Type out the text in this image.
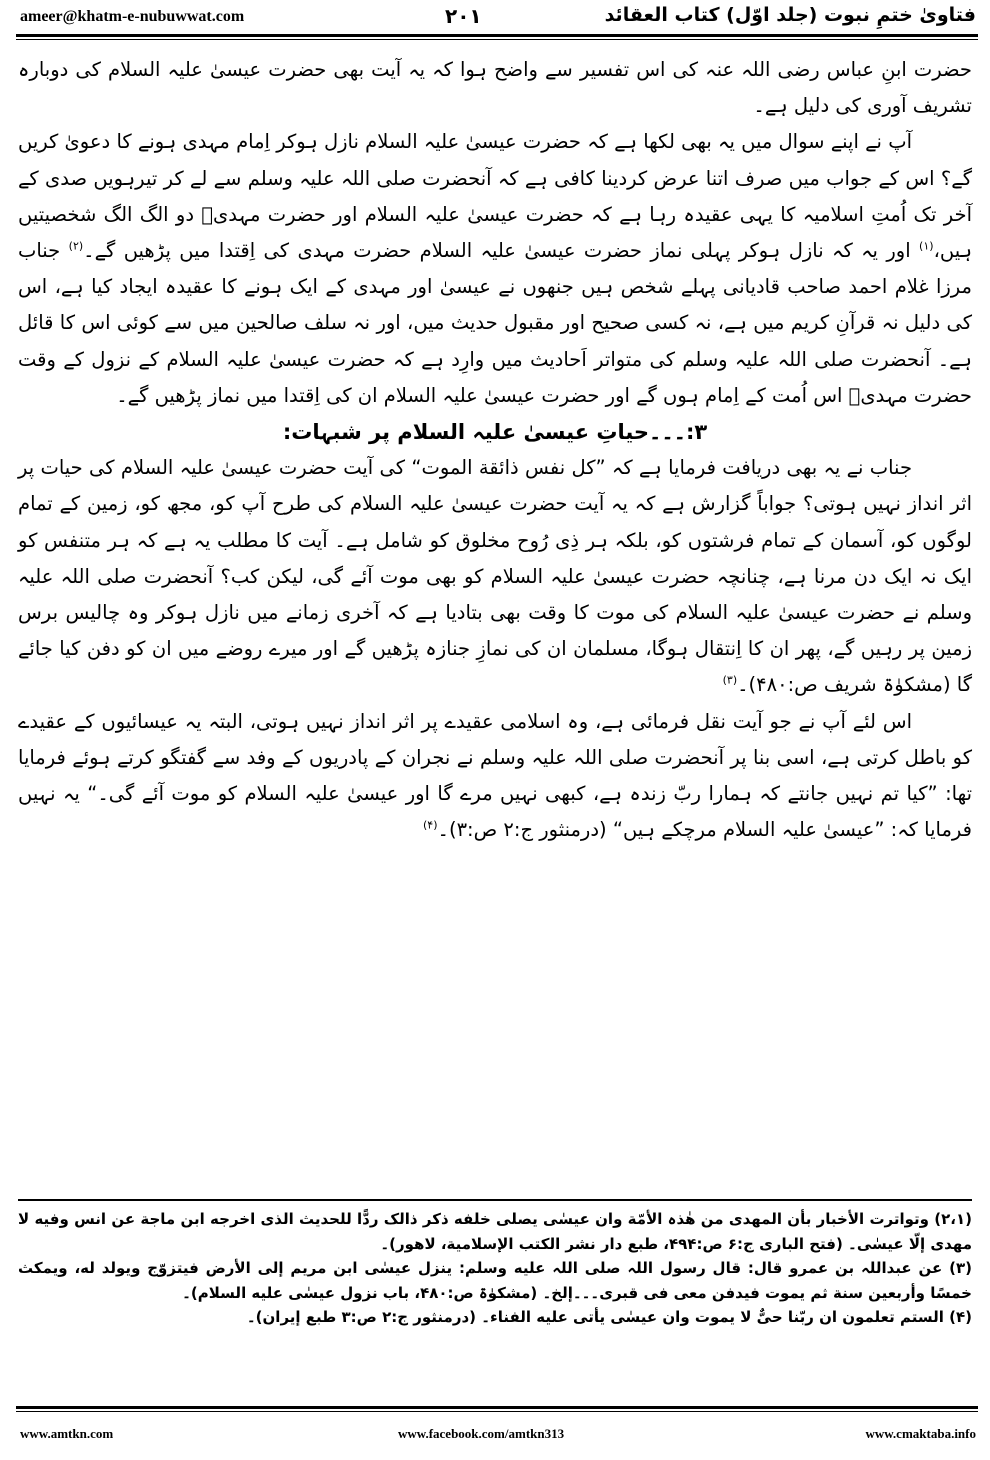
ameer@khatm-e-nubuwwat.com	۲۰۱	فتاویٰ ختمِ نبوت (جلد اوّل) کتاب العقائد

حضرت ابنِ عباس رضی اللہ عنہ کی اس تفسیر سے واضح ہوا کہ یہ آیت بھی حضرت عیسیٰ علیہ السلام کی دوبارہ تشریف آوری کی دلیل ہے۔

آپ نے اپنے سوال میں یہ بھی لکھا ہے کہ حضرت عیسیٰ علیہ السلام نازل ہوکر اِمام مہدی ہونے کا دعویٰ کریں گے؟ اس کے جواب میں صرف اتنا عرض کردینا کافی ہے کہ آنحضرت صلی اللہ علیہ وسلم سے لے کر تیرہویں صدی کے آخر تک اُمتِ اسلامیہ کا یہی عقیدہ رہا ہے کہ حضرت عیسیٰ علیہ السلام اور حضرت مہدیؓ دو الگ الگ شخصیتیں ہیں،$^{(۱)}$ اور یہ کہ نازل ہوکر پہلی نماز حضرت عیسیٰ علیہ السلام حضرت مہدی کی اِقتدا میں پڑھیں گے۔$^{(۲)}$ جناب مرزا غلام احمد صاحب قادیانی پہلے شخص ہیں جنھوں نے عیسیٰ اور مہدی کے ایک ہونے کا عقیدہ ایجاد کیا ہے، اس کی دلیل نہ قرآنِ کریم میں ہے، نہ کسی صحیح اور مقبول حدیث میں، اور نہ سلف صالحین میں سے کوئی اس کا قائل ہے۔ آنحضرت صلی اللہ علیہ وسلم کی متواتر اَحادیث میں وارِد ہے کہ حضرت عیسیٰ علیہ السلام کے نزول کے وقت حضرت مہدیؓ اس اُمت کے اِمام ہوں گے اور حضرت عیسیٰ علیہ السلام ان کی اِقتدا میں نماز پڑھیں گے۔

۳:۔۔۔حیاتِ عیسیٰ علیہ السلام پر شبہات:

جناب نے یہ بھی دریافت فرمایا ہے کہ ”کل نفس ذائقة الموت“ کی آیت حضرت عیسیٰ علیہ السلام کی حیات پر اثر انداز نہیں ہوتی؟ جواباً گزارش ہے کہ یہ آیت حضرت عیسیٰ علیہ السلام کی طرح آپ کو، مجھ کو، زمین کے تمام لوگوں کو، آسمان کے تمام فرشتوں کو، بلکہ ہر ذِی رُوح مخلوق کو شامل ہے۔ آیت کا مطلب یہ ہے کہ ہر متنفس کو ایک نہ ایک دن مرنا ہے، چنانچہ حضرت عیسیٰ علیہ السلام کو بھی موت آئے گی، لیکن کب؟ آنحضرت صلی اللہ علیہ وسلم نے حضرت عیسیٰ علیہ السلام کی موت کا وقت بھی بتادیا ہے کہ آخری زمانے میں نازل ہوکر وہ چالیس برس زمین پر رہیں گے، پھر ان کا اِنتقال ہوگا، مسلمان ان کی نمازِ جنازہ پڑھیں گے اور میرے روضے میں ان کو دفن کیا جائے گا (مشکوٰۃ شریف ص:۴۸۰)۔$^{(۳)}$

اس لئے آپ نے جو آیت نقل فرمائی ہے، وہ اسلامی عقیدے پر اثر انداز نہیں ہوتی، البتہ یہ عیسائیوں کے عقیدے کو باطل کرتی ہے، اسی بنا پر آنحضرت صلی اللہ علیہ وسلم نے نجران کے پادریوں کے وفد سے گفتگو کرتے ہوئے فرمایا تھا: ”کیا تم نہیں جانتے کہ ہمارا ربّ زندہ ہے، کبھی نہیں مرے گا اور عیسیٰ علیہ السلام کو موت آئے گی۔“ یہ نہیں فرمایا کہ: ”عیسیٰ علیہ السلام مرچکے ہیں“ (درمنثور ج:۲ ص:۳)۔$^{(۴)}$

(۲،۱) وتواترت الأخبار بأن المھدی من ھٰذہ الأمّة وان عیسٰی یصلی خلفه ذکر ذالک ردًّا للحدیث الذی اخرجه ابن ماجة عن انس وفیه لا مھدی إلّا عیسٰی۔ (فتح الباری ج:۶ ص:۴۹۴، طبع دار نشر الکتب الإسلامیة، لاھور)۔

(۳) عن عبداللہ بن عمرو قال: قال رسول اللہ صلی اللہ علیه وسلم: ینزل عیسٰی ابن مریم إلی الأرض فیتزوّج ویولد له، ویمکث خمسًا وأربعین سنة ثم یموت فیدفن معی فی قبری۔۔۔إلخ۔ (مشکوٰۃ ص:۴۸۰، باب نزول عیسٰی علیه السلام)۔

(۴) الستم تعلمون ان ربّنا حیٌّ لا یموت وان عیسٰی یأتی علیه الفناء۔ (درمنثور ج:۲ ص:۳ طبع إیران)۔

www.amtkn.com	www.facebook.com/amtkn313	www.cmaktaba.info
